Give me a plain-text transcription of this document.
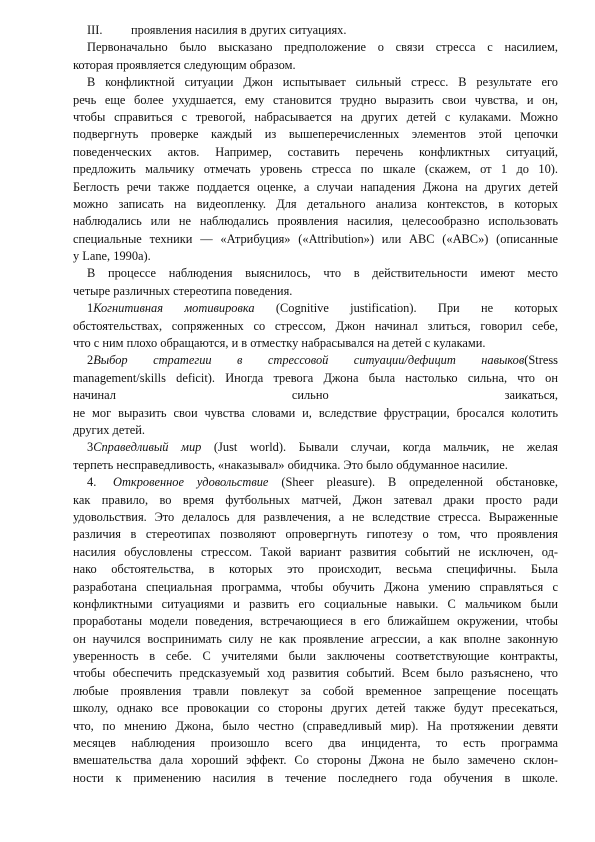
III. проявления насилия в других ситуациях.
Первоначально было высказано предположение о связи стресса с насилием,
которая проявляется следующим образом.
В конфликтной ситуации Джон испытывает сильный стресс. В результате его
речь еще более ухудшается, ему становится трудно выразить свои чувства, и он,
чтобы справиться с тревогой, набрасывается на других детей с кулаками. Можно
подвергнуть проверке каждый из вышеперечисленных элементов этой цепочки
поведенческих актов. Например, составить перечень конфликтных ситуаций,
предложить мальчику отмечать уровень стресса по шкале (скажем, от 1 до 10).
Беглость речи также поддается оценке, а случаи нападения Джона на других детей
можно записать на видеопленку. Для детального анализа контекстов, в которых
наблюдались или не наблюдались проявления насилия, целесообразно использовать
специальные техники — «Атрибуция» («Attribution») или ABC («ABC») (описанные
у Lane, 1990a).
В процессе наблюдения выяснилось, что в действительности имеют место
четыре различных стереотипа поведения.
1Когнитивная мотивировка (Cognitive justification). При не которых
обстоятельствах, сопряженных со стрессом, Джон начинал злиться, говорил себе,
что с ним плохо обращаются, и в отместку набрасывался на детей с кулаками.
2Выбор стратегии в стрессовой ситуации/дефицит навыков(Stress
management/skills deficit). Иногда тревога Джона была настолько сильна, что он
начинал	сильно	заикаться,
не мог выразить свои чувства словами и, вследствие фрустрации, бросался колотить
других детей.
3Справедливый мир (Just world). Бывали случаи, когда мальчик, не желая
терпеть несправедливость, «наказывал» обидчика. Это было обдуманное насилие.
4. Откровенное удовольствие (Sheer pleasure). В определенной обстановке,
как правило, во время футбольных матчей, Джон затевал драки просто ради
удовольствия. Это делалось для развлечения, а не вследствие стресса. Выраженные
различия в стереотипах позволяют опровергнуть гипотезу о том, что проявления
насилия обусловлены стрессом. Такой вариант развития событий не исключен, од-
нако обстоятельства, в которых это происходит, весьма специфичны. Была
разработана специальная программа, чтобы обучить Джона умению справляться с
конфликтными ситуациями и развить его социальные навыки. С мальчиком были
проработаны модели поведения, встречающиеся в его ближайшем окружении, чтобы
он научился воспринимать силу не как проявление агрессии, а как вполне законную
уверенность в себе. С учителями были заключены соответствующие контракты,
чтобы обеспечить предсказуемый ход развития событий. Всем было разъяснено, что
любые проявления травли повлекут за собой временное запрещение посещать
школу, однако все провокации со стороны других детей также будут пресекаться,
что, по мнению Джона, было честно (справедливый мир). На протяжении девяти
месяцев наблюдения произошло всего два инцидента, то есть программа
вмешательства дала хороший эффект. Со стороны Джона не было замечено склон-
ности к применению насилия в течение последнего года обучения в школе.
